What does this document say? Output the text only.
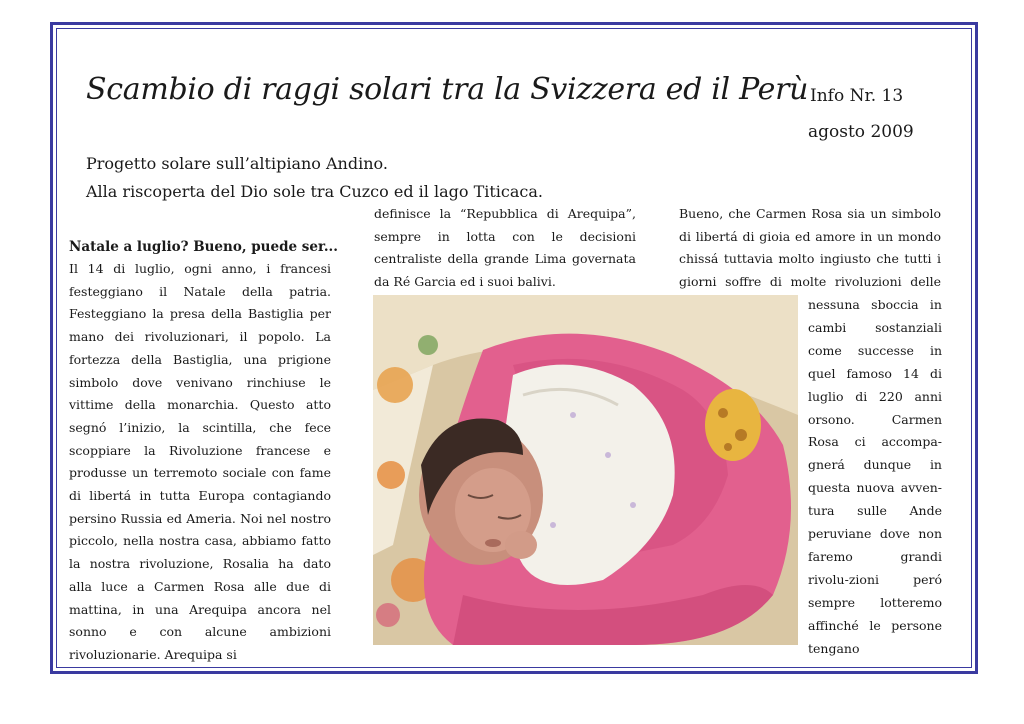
Scambio di raggi solari tra la Svizzera ed il Perù Info Nr. 13
agosto 2009
Progetto solare sull’altipiano Andino.
Alla riscoperta del Dio sole tra Cuzco ed il lago Titicaca.
Natale a luglio? Bueno, puede ser...
Il 14 di luglio, ogni anno, i francesi festeggiano il Natale della patria. Festeggiano la presa della Bastiglia per mano dei rivoluzionari, il popolo. La fortezza della Bastiglia, una prigione simbolo dove venivano rinchiuse le vittime della monarchia. Questo atto segnó l’inizio, la scintilla, che fece scoppiare la Rivoluzione francese e produsse un terremoto sociale con fame di libertá in tutta Europa contagiando persino Russia ed Ameria. Noi nel nostro piccolo, nella nostra casa, abbiamo fatto la nostra rivoluzione, Rosalia ha dato alla luce a Carmen Rosa alle due di mattina, in una Arequipa ancora nel sonno e con alcune ambizioni rivoluzionarie. Arequipa si
definisce la “Repubblica di Arequipa”, sempre in lotta con le decisioni centraliste della grande Lima governata da Ré Garcia ed i suoi balivi.
Bueno, che Carmen Rosa sia un simbolo di libertá di gioia ed amore in un mondo chissá tuttavia molto ingiusto che tutti i giorni soffre di molte rivoluzioni delle
nessuna sboccia in cambi sostanziali come successe in quel famoso 14 di luglio di 220 anni orsono. Carmen Rosa ci accompa-gnerá dunque in questa nuova avven-tura sulle Ande peruviane dove non faremo grandi rivolu-zioni peró sempre lotteremo affinché le persone tengano
